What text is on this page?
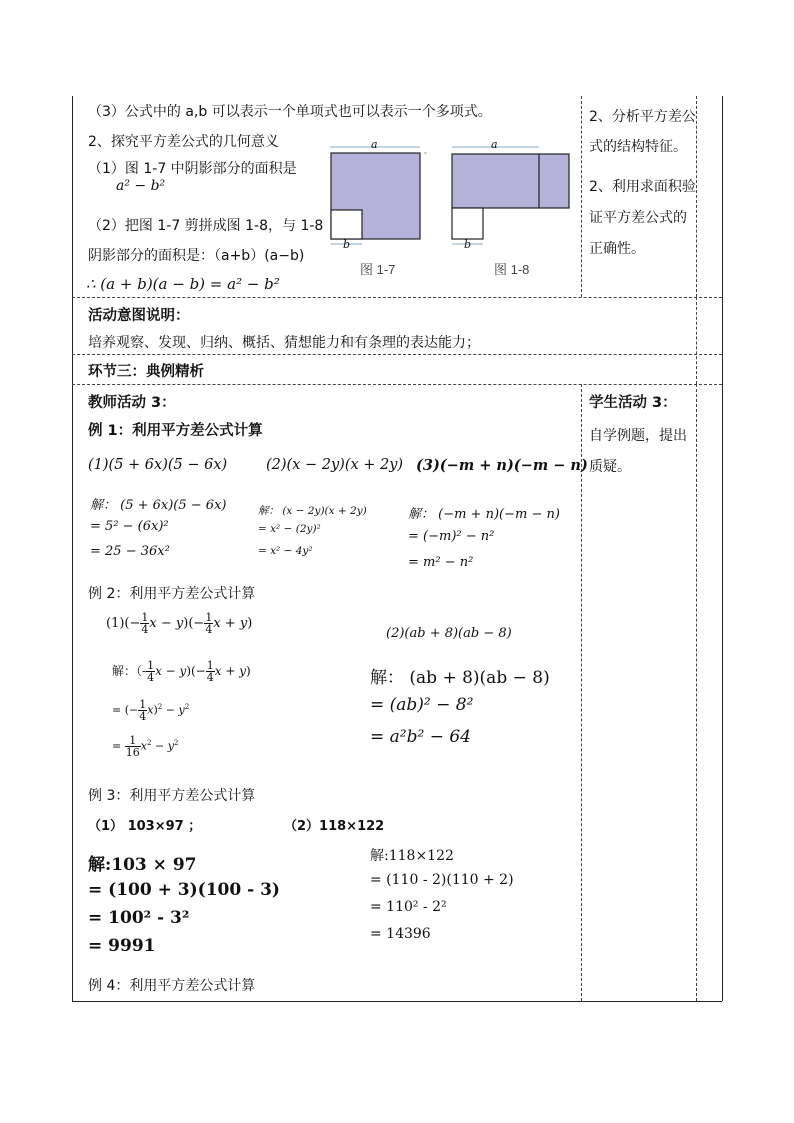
（3）公式中的 a,b 可以表示一个单项式也可以表示一个多项式。
2、探究平方差公式的几何意义
（1）图 1-7 中阴影部分的面积是
a² − b²
（2）把图 1-7 剪拼成图 1-8，与 1-8
阴影部分的面积是：（a+b）(a−b)
∴ (a + b)(a − b) = a² − b²
a
b
图 1-7
a
b
图 1-8
2、分析平方差公
式的结构特征。
2、利用求面积验
证平方差公式的
正确性。
活动意图说明：
培养观察、发现、归纳、概括、猜想能力和有条理的表达能力；
环节三：典例精析
教师活动 3：
例 1：利用平方差公式计算
(1)(5 + 6x)(5 − 6x)	(2)(x − 2y)(x + 2y) (3)(−m + n)(−m − n)
解： (5 + 6x)(5 − 6x)
= 5² − (6x)²
= 25 − 36x²
解： (x − 2y)(x + 2y)
= x² − (2y)²
= x² − 4y²
解： (−m + n)(−m − n)
= (−m)² − n²
= m² − n²
例 2：利用平方差公式计算
$(1)(- \frac{1}{4}$ $x - y)(- \frac{1}{4}$ x + y)
(2)(ab + 8)(ab − 8)
解：（- $\frac{1}{4}$ $x - y)(- \frac{1}{4}$ x + y)
= (− $\frac{1}{4} x)^2 - y^2$
= $\frac{1}{16} x^2 - y^2$
解： (ab + 8)(ab − 8)
= (ab)² − 8²
= a²b² − 64
例 3：利用平方差公式计算
（1） 103×97 ；	（2）118×122
解:103 × 97
= (100 + 3)(100 - 3)
= 100² - 3²
= 9991
解:118×122
= (110 - 2)(110 + 2)
= 110² - 2²
= 14396
例 4：利用平方差公式计算
学生活动 3：
自学例题，提出
质疑。
